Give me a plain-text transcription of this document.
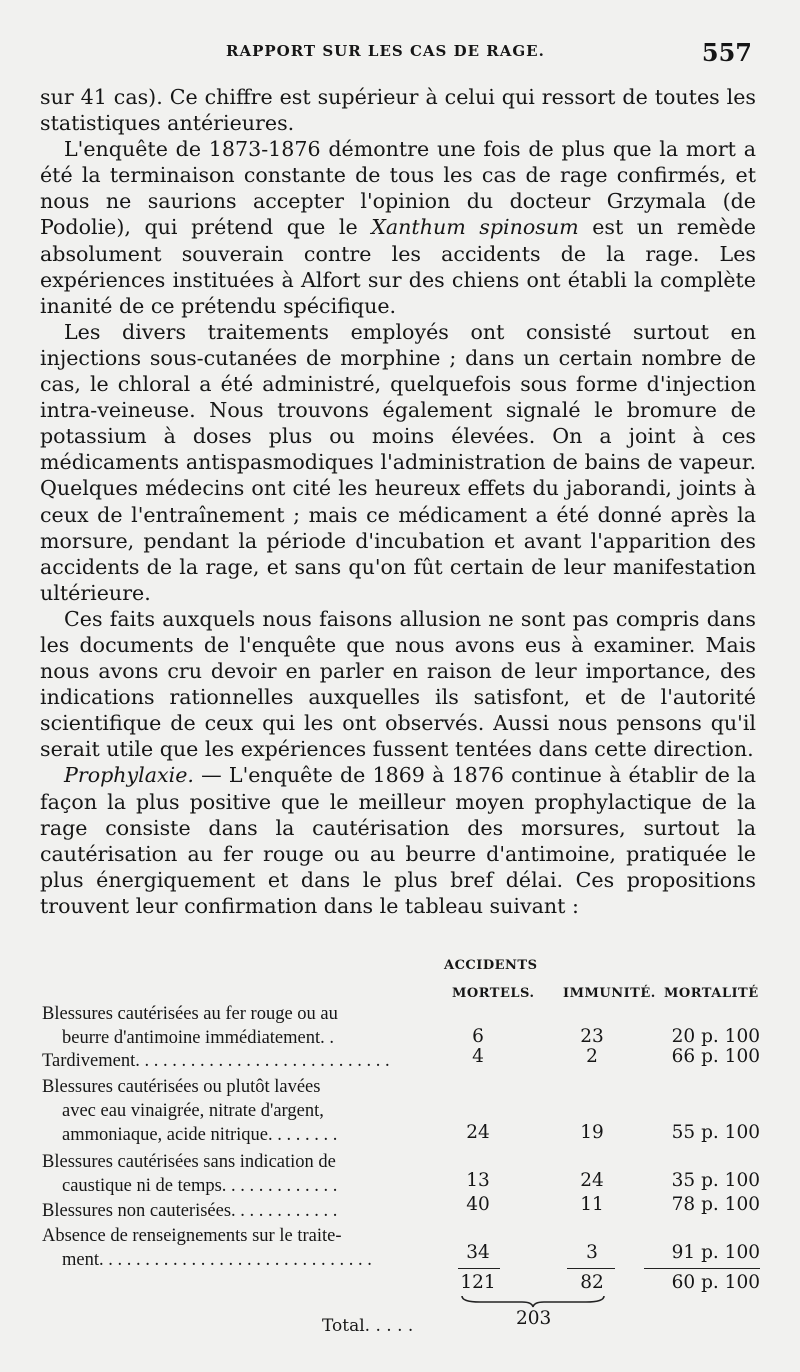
RAPPORT SUR LES CAS DE RAGE.	557

sur 41 cas). Ce chiffre est supérieur à celui qui ressort de toutes les statistiques antérieures.

L'enquête de 1873-1876 démontre une fois de plus que la mort a été la terminaison constante de tous les cas de rage confirmés, et nous ne saurions accepter l'opinion du docteur Grzymala (de Podolie), qui prétend que le Xanthum spinosum est un remède absolument souverain contre les accidents de la rage. Les expériences instituées à Alfort sur des chiens ont établi la complète inanité de ce prétendu spécifique.

Les divers traitements employés ont consisté surtout en injections sous-cutanées de morphine ; dans un certain nombre de cas, le chloral a été administré, quelquefois sous forme d'injection intra-veineuse. Nous trouvons également signalé le bromure de potassium à doses plus ou moins élevées. On a joint à ces médicaments antispasmodiques l'administration de bains de vapeur. Quelques médecins ont cité les heureux effets du jaborandi, joints à ceux de l'entraînement ; mais ce médicament a été donné après la morsure, pendant la période d'incubation et avant l'apparition des accidents de la rage, et sans qu'on fût certain de leur manifestation ultérieure.

Ces faits auxquels nous faisons allusion ne sont pas compris dans les documents de l'enquête que nous avons eus à examiner. Mais nous avons cru devoir en parler en raison de leur importance, des indications rationnelles auxquelles ils satisfont, et de l'autorité scientifique de ceux qui les ont observés. Aussi nous pensons qu'il serait utile que les expériences fussent tentées dans cette direction.

Prophylaxie. — L'enquête de 1869 à 1876 continue à établir de la façon la plus positive que le meilleur moyen prophylactique de la rage consiste dans la cautérisation des morsures, surtout la cautérisation au fer rouge ou au beurre d'antimoine, pratiquée le plus énergiquement et dans le plus bref délai. Ces propositions trouvent leur confirmation dans le tableau suivant :

ACCIDENTS
MORTELS. IMMUNITÉ. MORTALITÉ
Blessures cautérisées au fer rouge ou au
beurre d'antimoine immédiatement. .	6	23	20 p. 100
Tardivement. . . . . . . . . . . . . . . . . . . . . . . . . . . .	4	2	66 p. 100
Blessures cautérisées ou plutôt lavées
avec eau vinaigrée, nitrate d'argent,
ammoniaque, acide nitrique. . . . . . . .	24	19	55 p. 100
Blessures cautérisées sans indication de
caustique ni de temps. . . . . . . . . . . . .	13	24	35 p. 100
Blessures non cauterisées. . . . . . . . . . . .	40	11	78 p. 100
Absence de renseignements sur le traite-
ment. . . . . . . . . . . . . . . . . . . . . . . . . . . . . .	34	3	91 p. 100
121	82	60 p. 100
Total. . . . .	203
